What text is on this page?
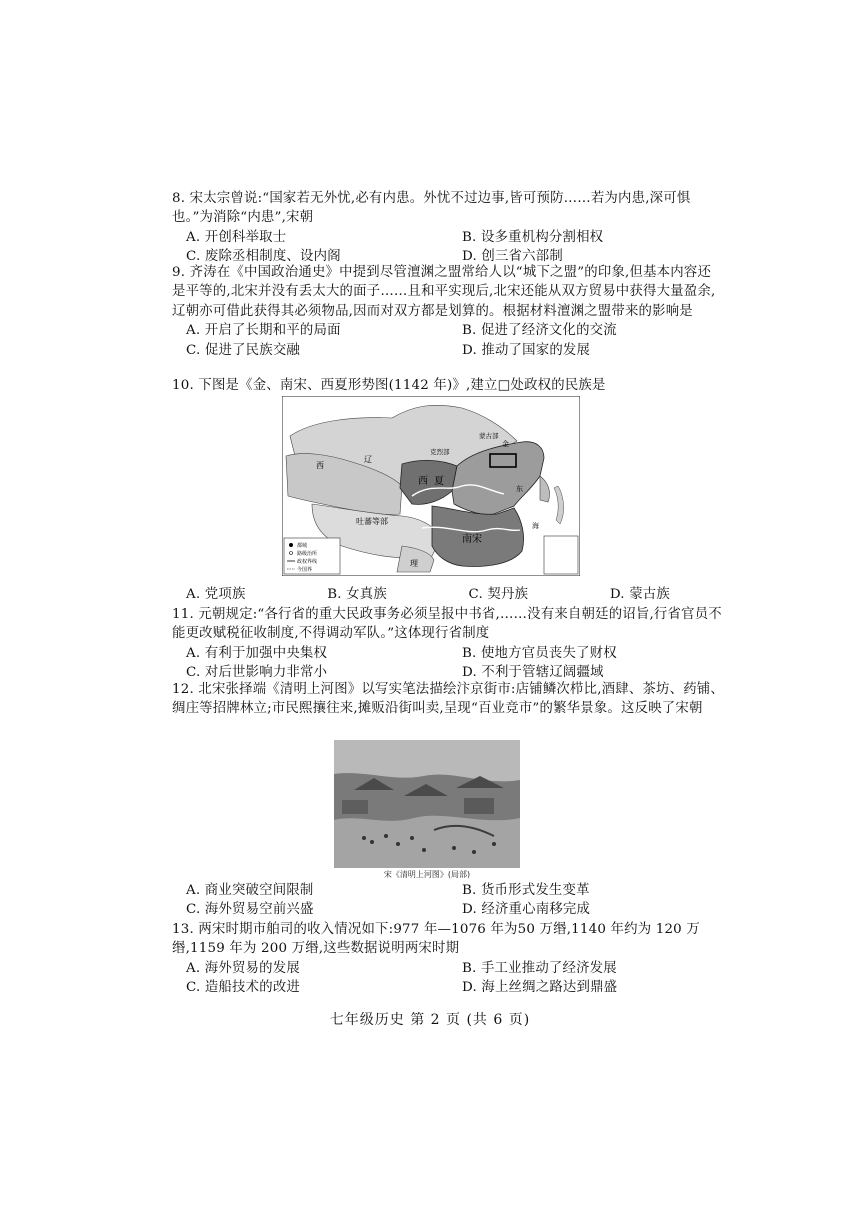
8. 宋太宗曾说:“国家若无外忧,必有内患。外忧不过边事,皆可预防……若为内患,深可惧也。”为消除“内患”,宋朝
A. 开创科举取士	B. 设多重机构分割相权
C. 废除丞相制度、设内阁	D. 创三省六部制
9. 齐涛在《中国政治通史》中提到尽管澶渊之盟常给人以“城下之盟”的印象,但基本内容还是平等的,北宋并没有丢太大的面子……且和平实现后,北宋还能从双方贸易中获得大量盈余,辽朝亦可借此获得其必须物品,因而对双方都是划算的。根据材料澶渊之盟带来的影响是
A. 开启了长期和平的局面	B. 促进了经济文化的交流
C. 促进了民族交融	D. 推动了国家的发展
10. 下图是《金、南宋、西夏形势图(1142 年)》,建立□处政权的民族是
蒙古部
克烈部
西
辽
西 夏
吐蕃等部
金
东
南宋
理
海
都城
路级治所
政权界线
今国界
A. 党项族	B. 女真族	C. 契丹族	D. 蒙古族
11. 元朝规定:“各行省的重大民政事务必须呈报中书省,……没有来自朝廷的诏旨,行省官员不能更改赋税征收制度,不得调动军队。”这体现行省制度
A. 有利于加强中央集权	B. 使地方官员丧失了财权
C. 对后世影响力非常小	D. 不利于管辖辽阔疆域
12. 北宋张择端《清明上河图》以写实笔法描绘汴京街市:店铺鳞次栉比,酒肆、茶坊、药铺、绸庄等招牌林立;市民熙攘往来,摊贩沿街叫卖,呈现“百业竞市”的繁华景象。这反映了宋朝
宋《清明上河图》(局部)
A. 商业突破空间限制	B. 货币形式发生变革
C. 海外贸易空前兴盛	D. 经济重心南移完成
13. 两宋时期市舶司的收入情况如下:977 年—1076 年为50 万缗,1140 年约为 120 万缗,1159 年为 200 万缗,这些数据说明两宋时期
A. 海外贸易的发展	B. 手工业推动了经济发展
C. 造船技术的改进	D. 海上丝绸之路达到鼎盛
七年级历史 第 2 页 (共 6 页)
